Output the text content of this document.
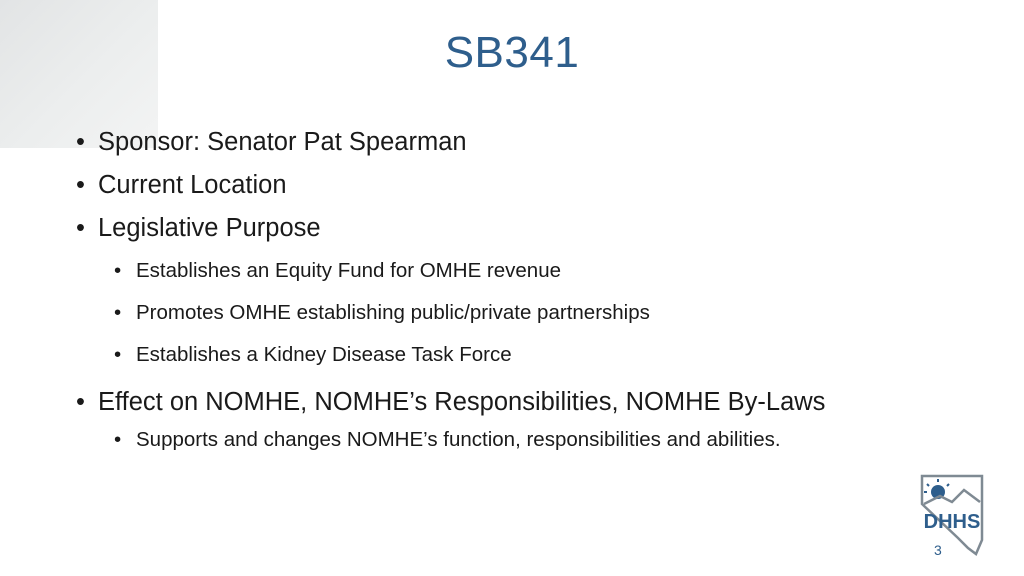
SB341
• Sponsor: Senator Pat Spearman
• Current Location
• Legislative Purpose
• Establishes an Equity Fund for OMHE revenue
• Promotes OMHE establishing public/private partnerships
• Establishes a Kidney Disease Task Force
• Effect on NOMHE, NOMHE’s Responsibilities, NOMHE By-Laws
• Supports and changes NOMHE’s function, responsibilities and abilities.
DHHS
3
